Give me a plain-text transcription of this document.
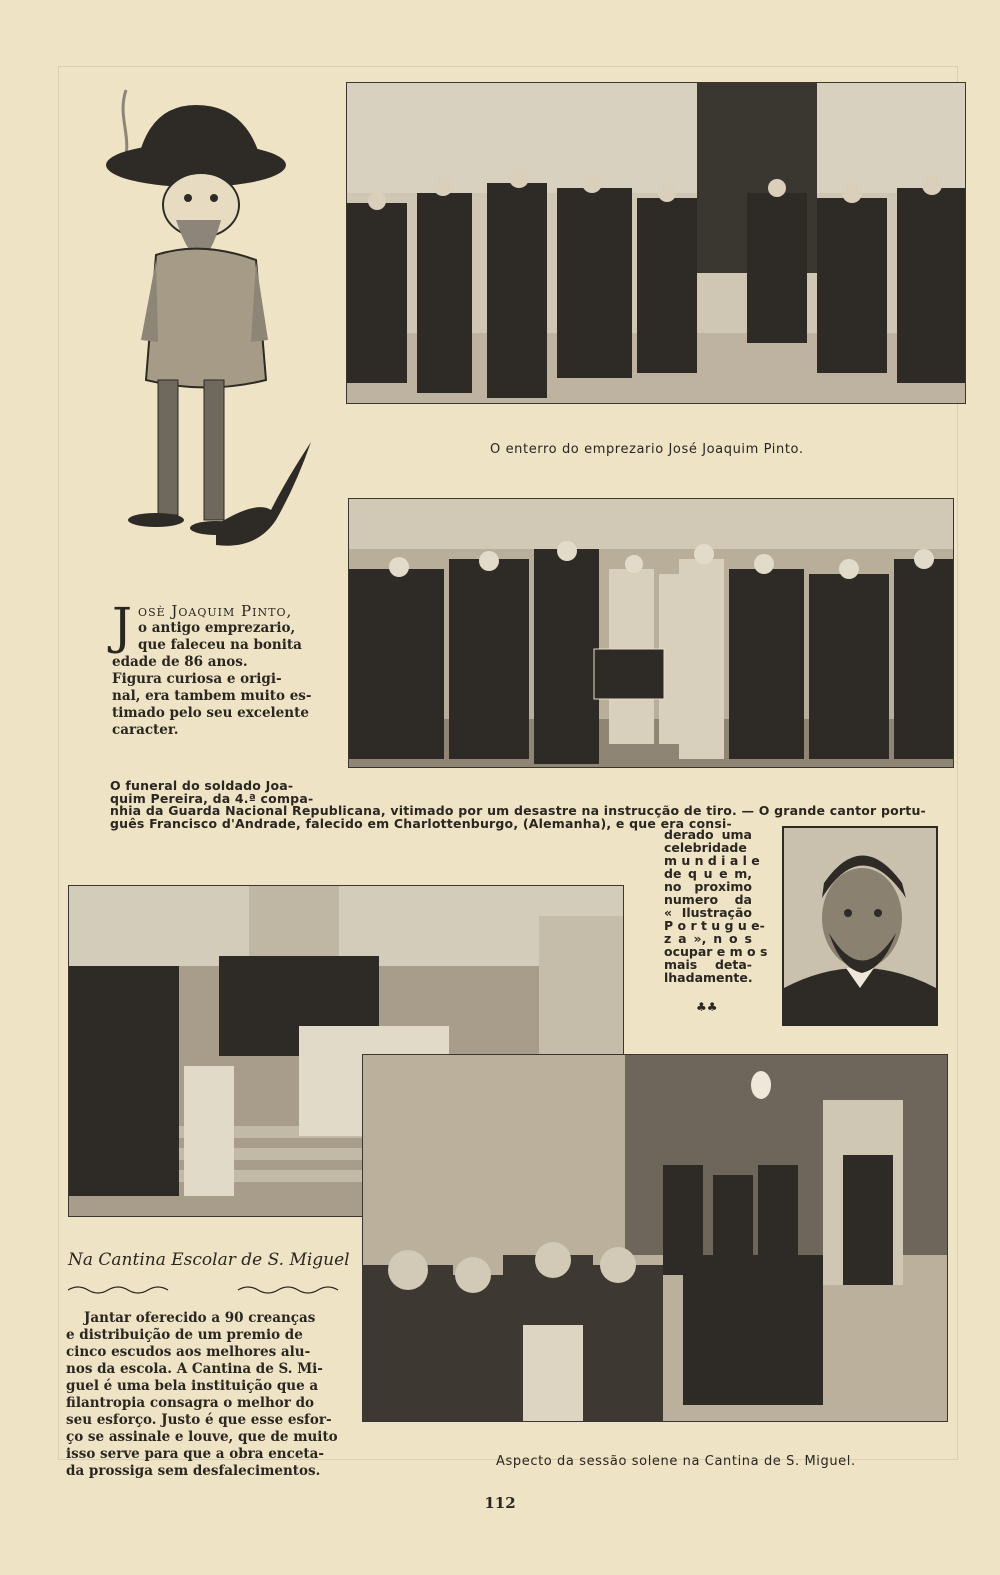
O enterro do emprezario José Joaquim Pinto.
J osè Joaquim Pinto,
o antigo emprezario,
que faleceu na bonita
edade de 86 anos.
Figura curiosa e origi-
nal, era tambem muito es-
timado pelo seu excelente
caracter.
O funeral do soldado Joa-
quim Pereira, da 4.ª compa-
nhia da Guarda Nacional Republicana, vitimado por um desastre na instrucção de tiro. — O grande cantor portu-
guês Francisco d'Andrade, falecido em Charlottenburgo, (Alemanha), e que era consi-
derado uma
celebridade
m u n d i a l e
de q u e m,
no proximo
numero da
« Ilustração
P o r t u g u e-
z a », n o s
ocupar e m o s
mais deta-
lhadamente.
♣♣
Na Cantina Escolar de S. Miguel
Jantar oferecido a 90 creanças
e distribuição de um premio de
cinco escudos aos melhores alu-
nos da escola. A Cantina de S. Mi-
guel é uma bela instituição que a
filantropia consagra o melhor do
seu esforço. Justo é que esse esfor-
ço se assinale e louve, que de muito
isso serve para que a obra enceta-
da prossiga sem desfalecimentos.
Aspecto da sessão solene na Cantina de S. Miguel.
112
